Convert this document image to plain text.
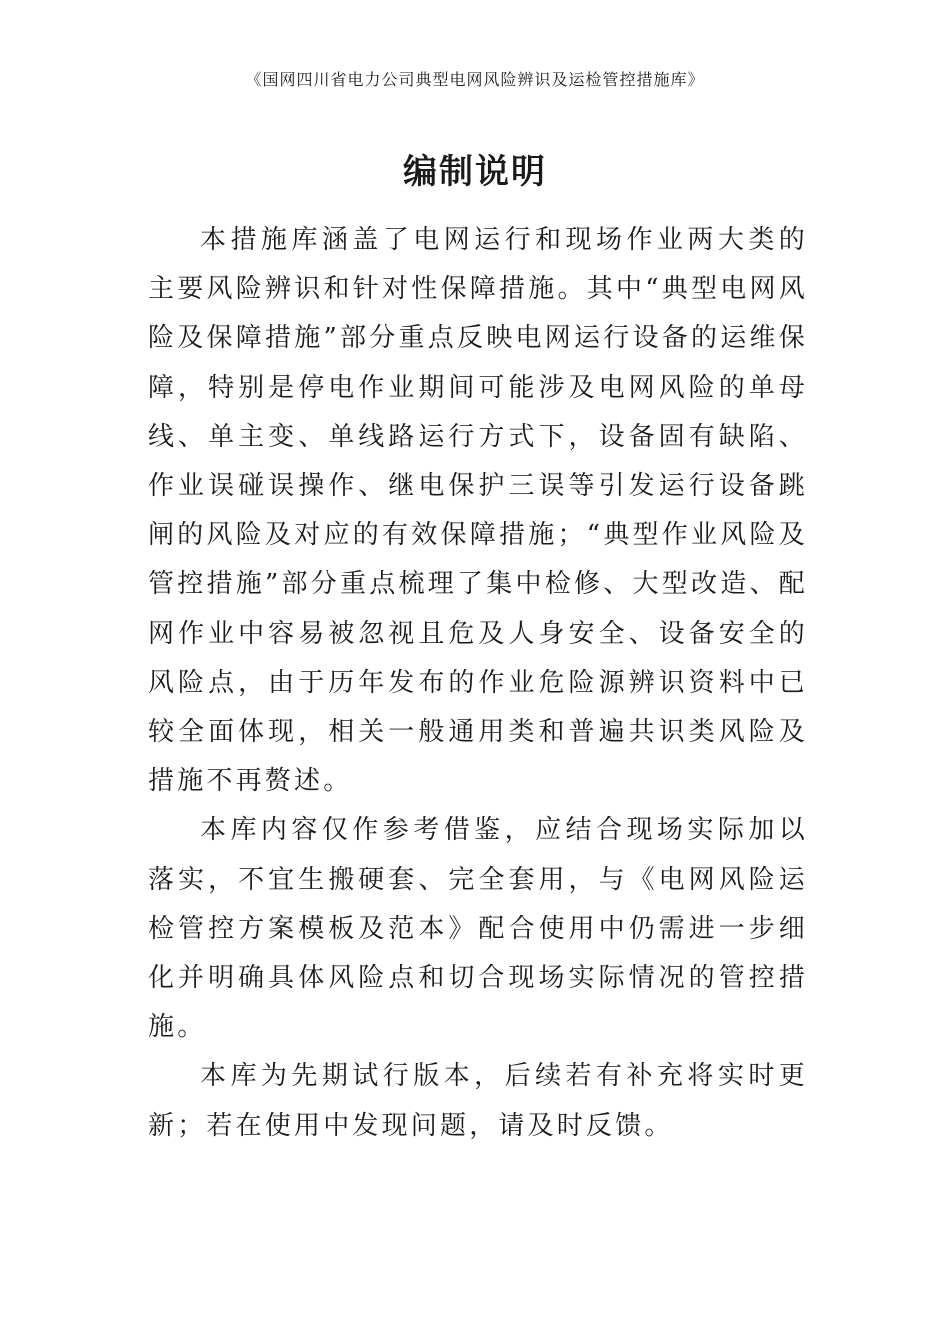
《国网四川省电力公司典型电网风险辨识及运检管控措施库》
编制说明

本措施库涵盖了电网运行和现场作业两大类的主要风险辨识和针对性保障措施。其中“典型电网风险及保障措施”部分重点反映电网运行设备的运维保障，特别是停电作业期间可能涉及电网风险的单母线、单主变、单线路运行方式下，设备固有缺陷、作业误碰误操作、继电保护三误等引发运行设备跳闸的风险及对应的有效保障措施；“典型作业风险及管控措施”部分重点梳理了集中检修、大型改造、配网作业中容易被忽视且危及人身安全、设备安全的风险点，由于历年发布的作业危险源辨识资料中已较全面体现，相关一般通用类和普遍共识类风险及措施不再赘述。

本库内容仅作参考借鉴，应结合现场实际加以落实，不宜生搬硬套、完全套用，与《电网风险运检管控方案模板及范本》配合使用中仍需进一步细化并明确具体风险点和切合现场实际情况的管控措施。

本库为先期试行版本，后续若有补充将实时更新；若在使用中发现问题，请及时反馈。
